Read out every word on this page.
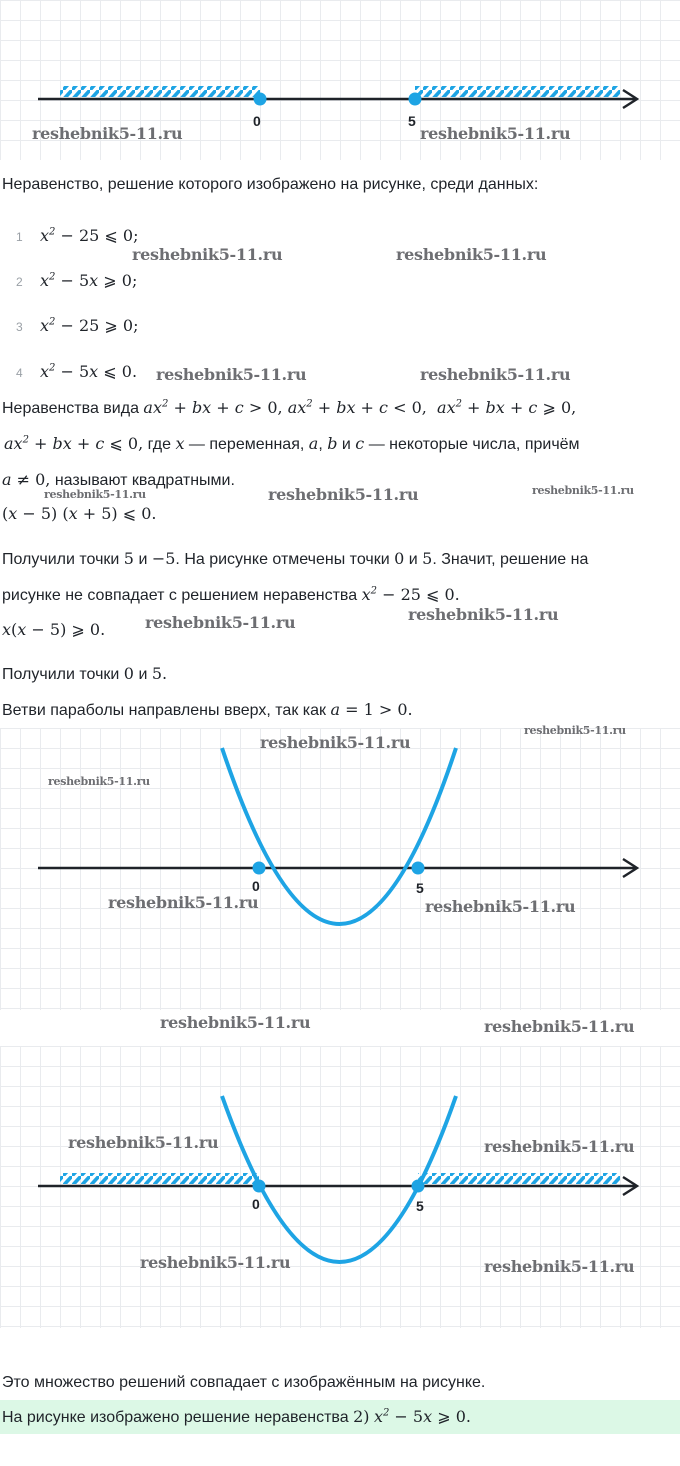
0	5
reshebnik5-11.ru	reshebnik5-11.ru
Неравенство, решение которого изображено на рисунке, среди данных:
1	$x^2 - 25$ ⩽ 0;
2	$x^2 - 5x$ ⩾ 0;
3	$x^2 - 25$ ⩾ 0;
4	$x^2 - 5x$ ⩽ 0.
reshebnik5-11.ru	reshebnik5-11.ru
reshebnik5-11.ru	reshebnik5-11.ru
Неравенства вида $ax^2$ + bx + c > 0, $ax^2$ + bx + c < 0,  $ax^2$ + bx + c ⩾ 0,
$ax^2$ + bx + c ⩽ 0, где x — переменная, a, b и c — некоторые числа, причём
a ≠ 0, называют квадратными.
reshebnik5-11.ru	reshebnik5-11.ru	reshebnik5-11.ru
(x − 5) (x + 5) ⩽ 0.
Получили точки 5 и −5. На рисунке отмечены точки 0 и 5. Значит, решение на
рисунке не совпадает с решением неравенства $x^2 - 25$ ⩽ 0.
x(x − 5) ⩾ 0. reshebnik5-11.ru	reshebnik5-11.ru
Получили точки 0 и 5.
Ветви параболы направлены вверх, так как a = 1 > 0.
0	5
reshebnik5-11.ru
reshebnik5-11.ru
reshebnik5-11.ru
reshebnik5-11.ru	reshebnik5-11.ru
reshebnik5-11.ru	reshebnik5-11.ru
0	5
reshebnik5-11.ru	reshebnik5-11.ru
reshebnik5-11.ru	reshebnik5-11.ru
Это множество решений совпадает с изображённым на рисунке.
На рисунке изображено решение неравенства 2) $x^2 - 5x$ ⩾ 0.
